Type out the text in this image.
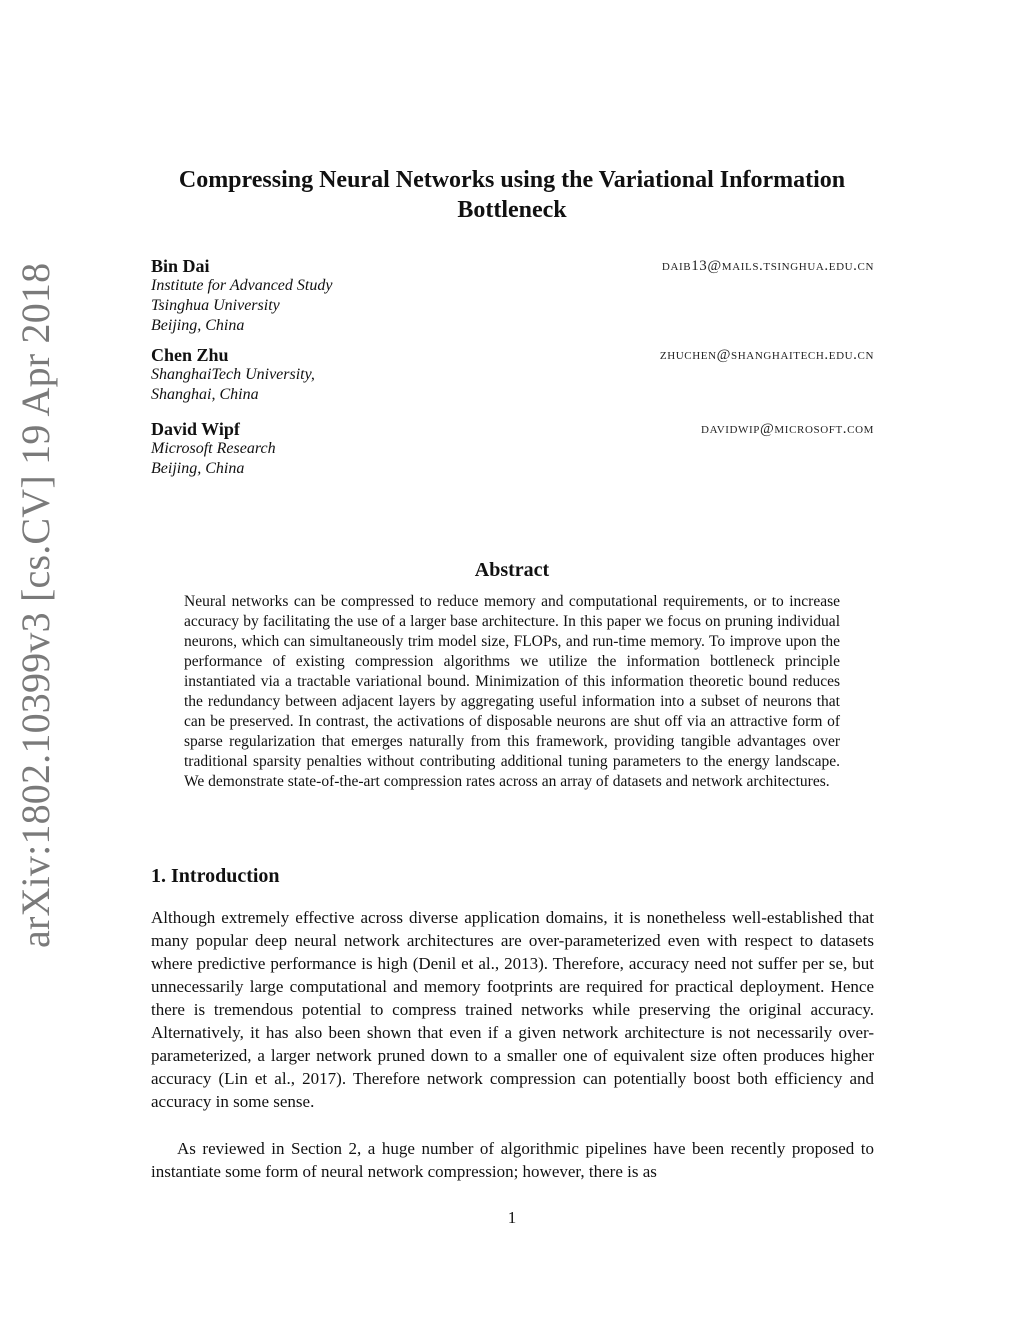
arXiv:1802.10399v3 [cs.CV] 19 Apr 2018
Compressing Neural Networks using the Variational Information Bottleneck
Bin Dai	daib13@mails.tsinghua.edu.cn
Institute for Advanced Study
Tsinghua University
Beijing, China
Chen Zhu	zhuchen@shanghaitech.edu.cn
ShanghaiTech University,
Shanghai, China
David Wipf	davidwip@microsoft.com
Microsoft Research
Beijing, China
Abstract
Neural networks can be compressed to reduce memory and computational requirements, or to increase accuracy by facilitating the use of a larger base architecture. In this paper we focus on pruning individual neurons, which can simultaneously trim model size, FLOPs, and run-time memory. To improve upon the performance of existing compression algorithms we utilize the information bottleneck principle instantiated via a tractable variational bound. Minimization of this information theoretic bound reduces the redundancy between adjacent layers by aggregating useful information into a subset of neurons that can be preserved. In contrast, the activations of disposable neurons are shut off via an attractive form of sparse regularization that emerges naturally from this framework, providing tangible advantages over traditional sparsity penalties without contributing additional tuning parameters to the energy landscape. We demonstrate state-of-the-art compression rates across an array of datasets and network architectures.
1. Introduction
Although extremely effective across diverse application domains, it is nonetheless well-established that many popular deep neural network architectures are over-parameterized even with respect to datasets where predictive performance is high (Denil et al., 2013). Therefore, accuracy need not suffer per se, but unnecessarily large computational and memory footprints are required for practical deployment. Hence there is tremendous potential to compress trained networks while preserving the original accuracy. Alternatively, it has also been shown that even if a given network architecture is not necessarily over-parameterized, a larger network pruned down to a smaller one of equivalent size often produces higher accuracy (Lin et al., 2017). Therefore network compression can potentially boost both efficiency and accuracy in some sense.
As reviewed in Section 2, a huge number of algorithmic pipelines have been recently proposed to instantiate some form of neural network compression; however, there is as
1
